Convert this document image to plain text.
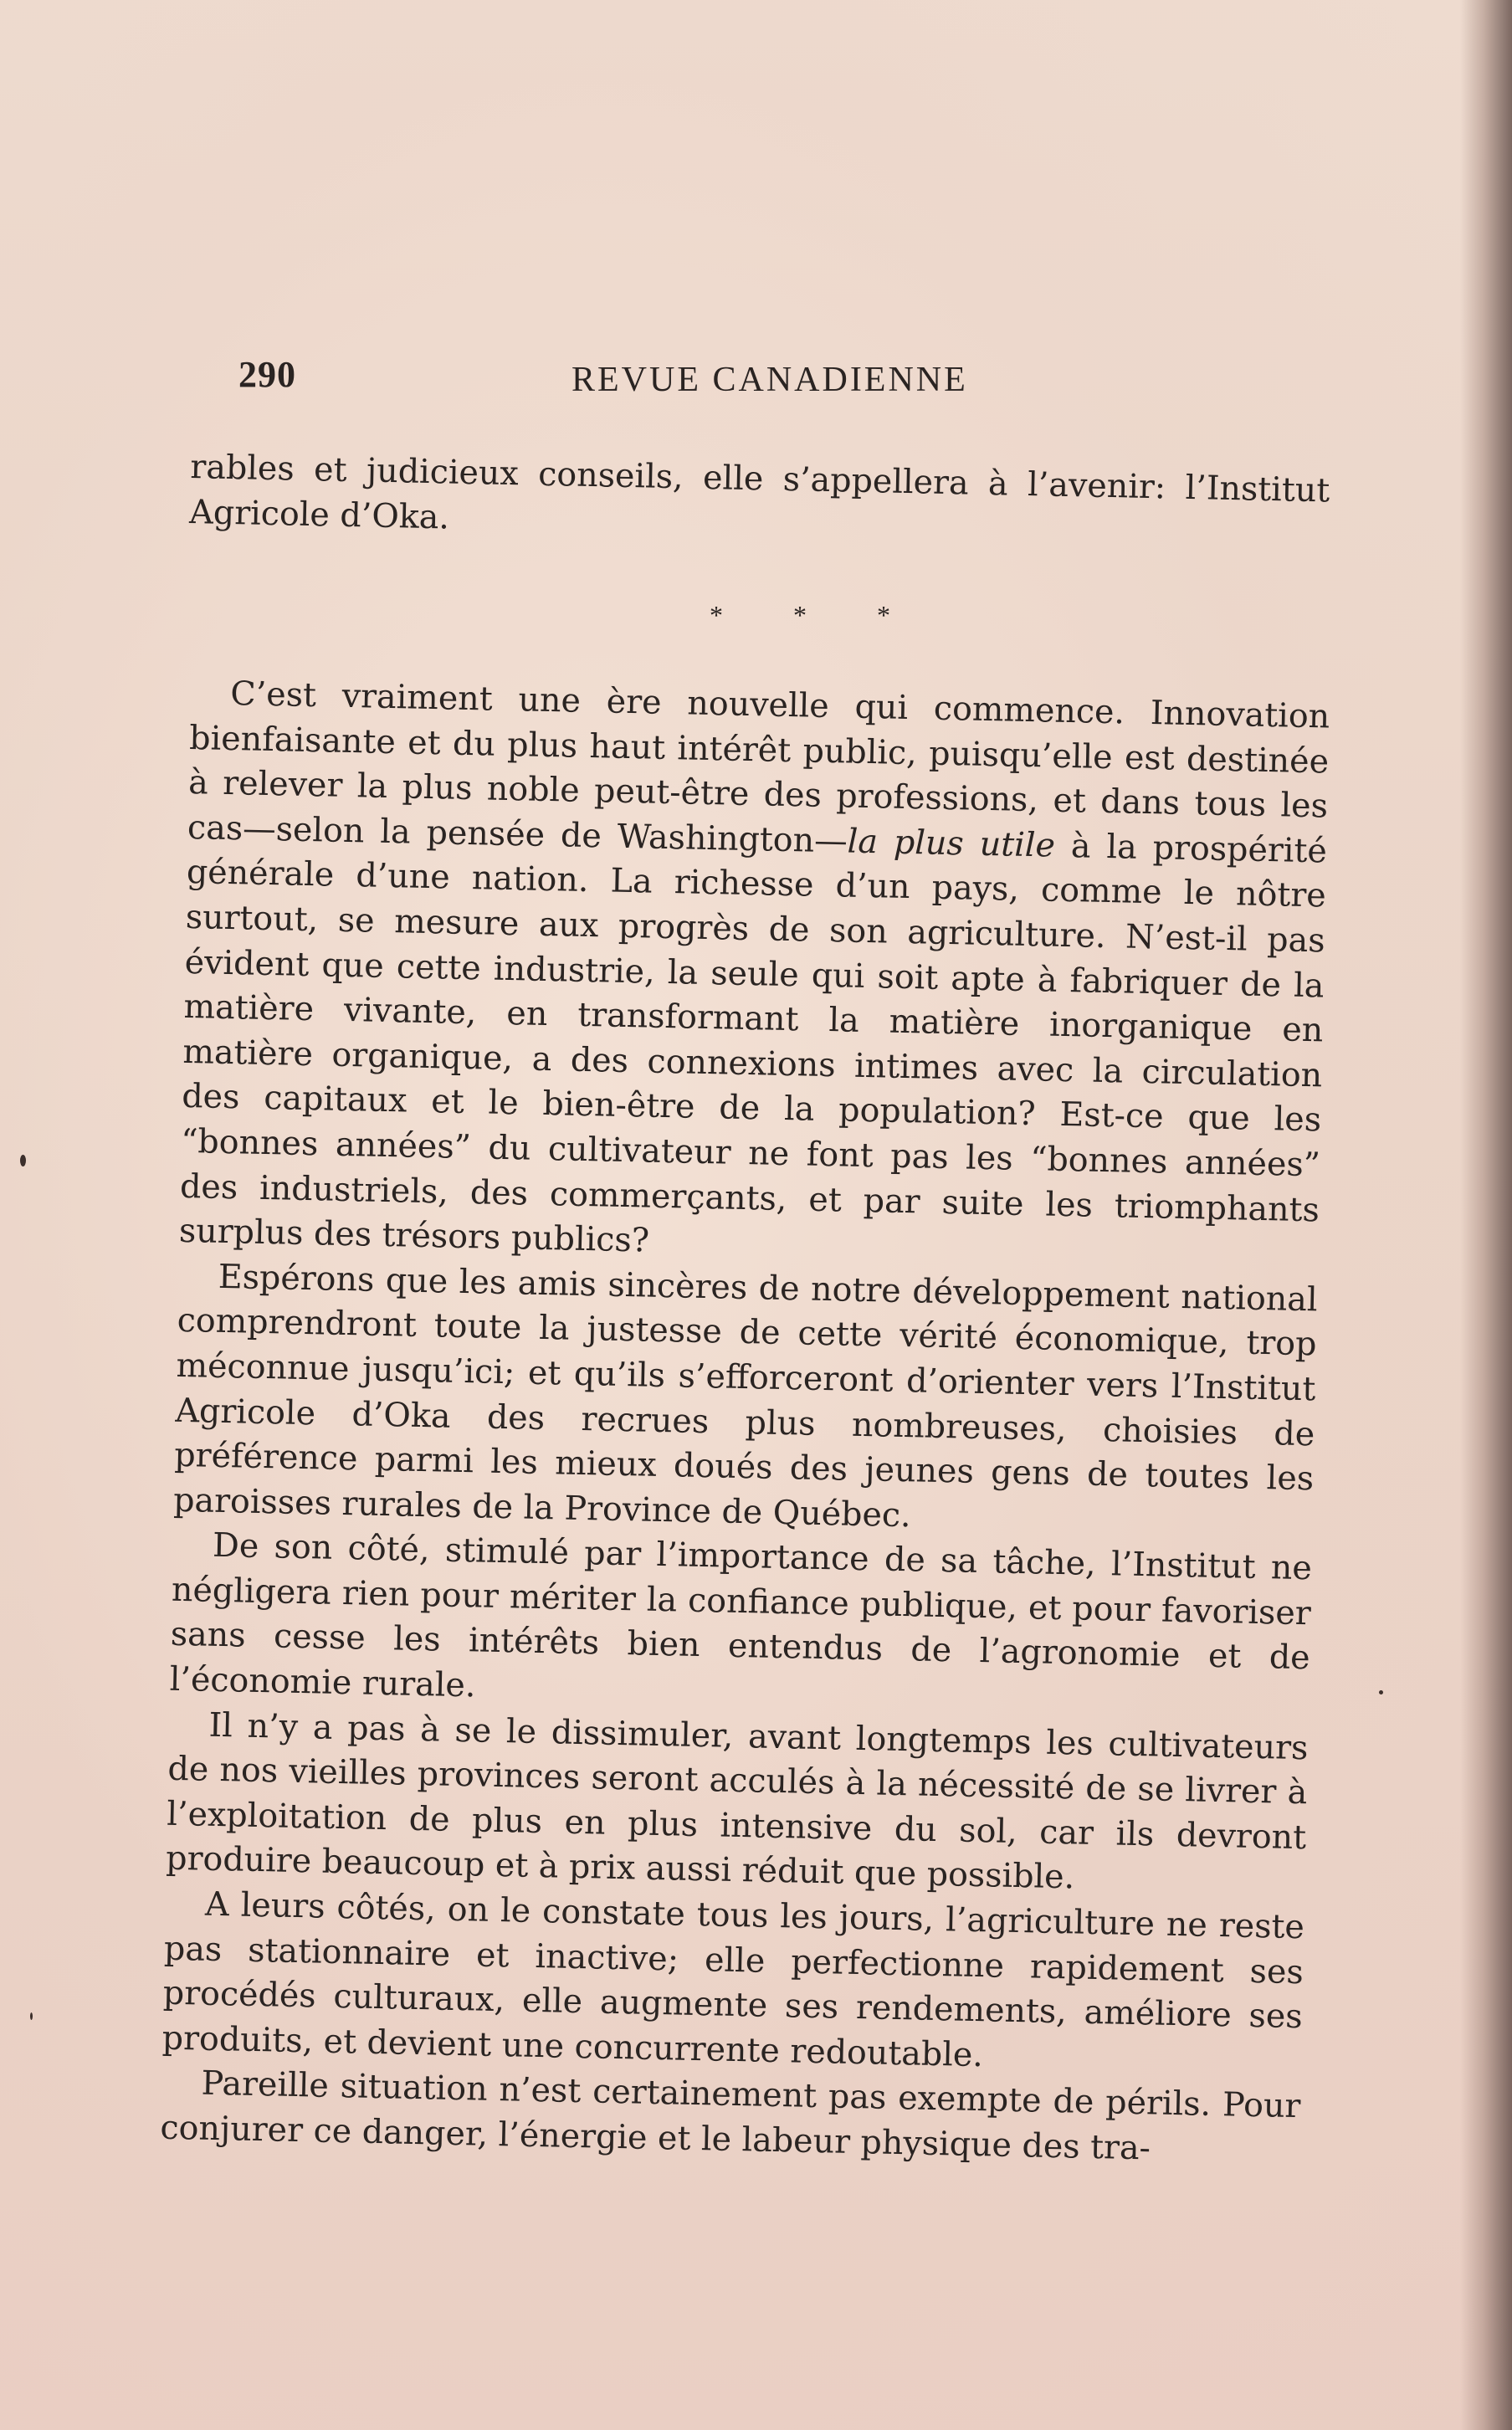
290	REVUE CANADIENNE

rables et judicieux conseils, elle s’appellera à l’avenir: l’Institut Agricole d’Oka.

* * *

C’est vraiment une ère nouvelle qui commence. Innovation bienfaisante et du plus haut intérêt public, puisqu’elle est destinée à relever la plus noble peut-être des professions, et dans tous les cas—selon la pensée de Washington—la plus utile à la prospérité générale d’une nation. La richesse d’un pays, comme le nôtre surtout, se mesure aux progrès de son agriculture. N’est-il pas évident que cette industrie, la seule qui soit apte à fabriquer de la matière vivante, en transformant la matière inorganique en matière organique, a des connexions intimes avec la circulation des capitaux et le bien-être de la population? Est-ce que les “bonnes années” du cultivateur ne font pas les “bonnes années” des industriels, des commerçants, et par suite les triomphants surplus des trésors publics?

Espérons que les amis sincères de notre développement national comprendront toute la justesse de cette vérité économique, trop méconnue jusqu’ici; et qu’ils s’efforceront d’orienter vers l’Institut Agricole d’Oka des recrues plus nombreuses, choisies de préférence parmi les mieux doués des jeunes gens de toutes les paroisses rurales de la Province de Québec.

De son côté, stimulé par l’importance de sa tâche, l’Institut ne négligera rien pour mériter la confiance publique, et pour favoriser sans cesse les intérêts bien entendus de l’agronomie et de l’économie rurale.

Il n’y a pas à se le dissimuler, avant longtemps les cultivateurs de nos vieilles provinces seront acculés à la nécessité de se livrer à l’exploitation de plus en plus intensive du sol, car ils devront produire beaucoup et à prix aussi réduit que possible.

A leurs côtés, on le constate tous les jours, l’agriculture ne reste pas stationnaire et inactive; elle perfectionne rapidement ses procédés culturaux, elle augmente ses rendements, améliore ses produits, et devient une concurrente redoutable.

Pareille situation n’est certainement pas exempte de périls. Pour conjurer ce danger, l’énergie et le labeur physique des tra-
